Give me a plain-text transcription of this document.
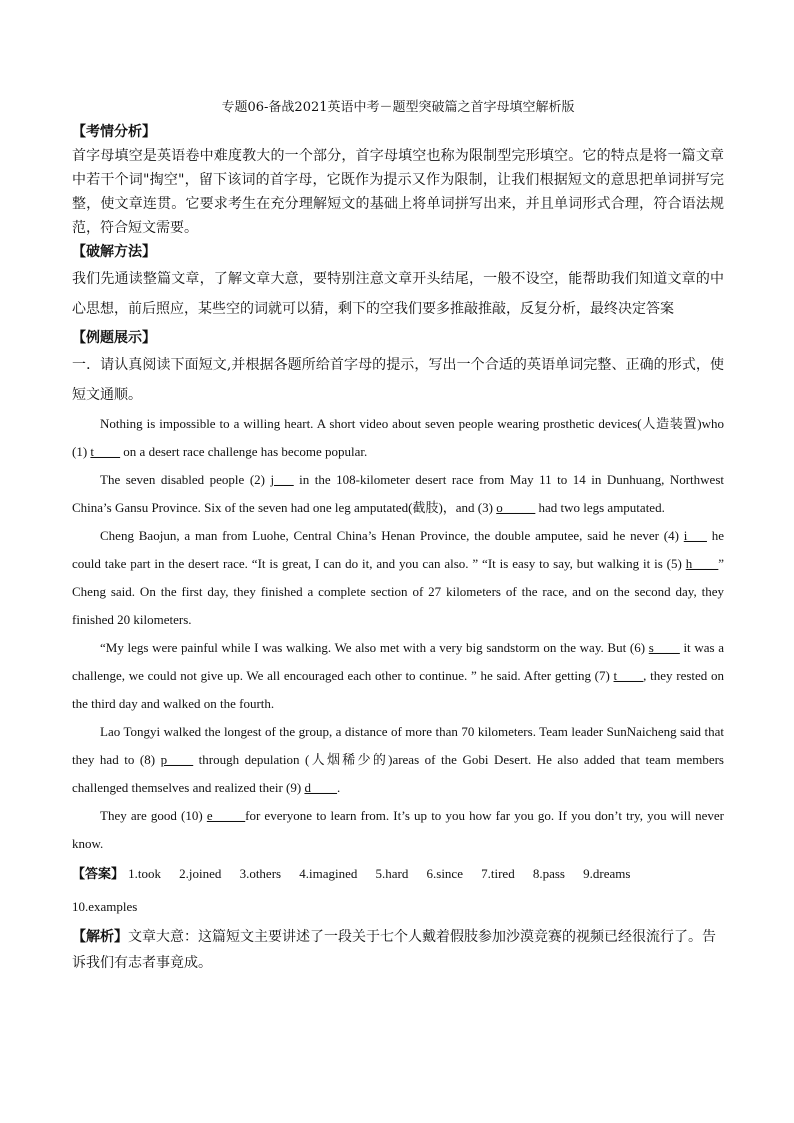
专题06-备战2021英语中考－题型突破篇之首字母填空解析版

【考情分析】

首字母填空是英语卷中难度教大的一个部分，首字母填空也称为限制型完形填空。它的特点是将一篇文章中若干个词"掏空"，留下该词的首字母，它既作为提示又作为限制，让我们根据短文的意思把单词拼写完整，使文章连贯。它要求考生在充分理解短文的基础上将单词拼写出来，并且单词形式合理，符合语法规范，符合短文需要。

【破解方法】

我们先通读整篇文章，了解文章大意，要特别注意文章开头结尾，一般不设空，能帮助我们知道文章的中心思想，前后照应，某些空的词就可以猜，剩下的空我们要多推敲推敲，反复分析，最终决定答案

【例题展示】

一．请认真阅读下面短文,并根据各题所给首字母的提示，写出一个合适的英语单词完整、正确的形式，使短文通顺。

Nothing is impossible to a willing heart. A short video about seven people wearing prosthetic devices(人造装置)who (1) t____ on a desert race challenge has become popular.

The seven disabled people (2) j___ in the 108-kilometer desert race from May 11 to 14 in Dunhuang, Northwest China’s Gansu Province. Six of the seven had one leg amputated(截肢)，and (3) o_____ had two legs amputated.

Cheng Baojun, a man from Luohe, Central China’s Henan Province, the double amputee, said he never (4) i___ he could take part in the desert race. “It is great, I can do it, and you can also. ” “It is easy to say, but walking it is (5) h____” Cheng said. On the first day, they finished a complete section of 27 kilometers of the race, and on the second day, they finished 20 kilometers.

“My legs were painful while I was walking. We also met with a very big sandstorm on the way. But (6) s____ it was a challenge, we could not give up. We all encouraged each other to continue. ” he said. After getting (7) t____, they rested on the third day and walked on the fourth.

Lao Tongyi walked the longest of the group, a distance of more than 70 kilometers. Team leader SunNaicheng said that they had to (8) p____ through depulation (人烟稀少的)areas of the Gobi Desert. He also added that team members challenged themselves and realized their (9) d____.

They are good (10) e_____for everyone to learn from. It’s up to you how far you go. If you don’t try, you will never know.

【答案】 1.took 2.joined 3.others 4.imagined 5.hard 6.since 7.tired 8.pass 9.dreams 10.examples

【解析】文章大意：这篇短文主要讲述了一段关于七个人戴着假肢参加沙漠竞赛的视频已经很流行了。告诉我们有志者事竟成。
